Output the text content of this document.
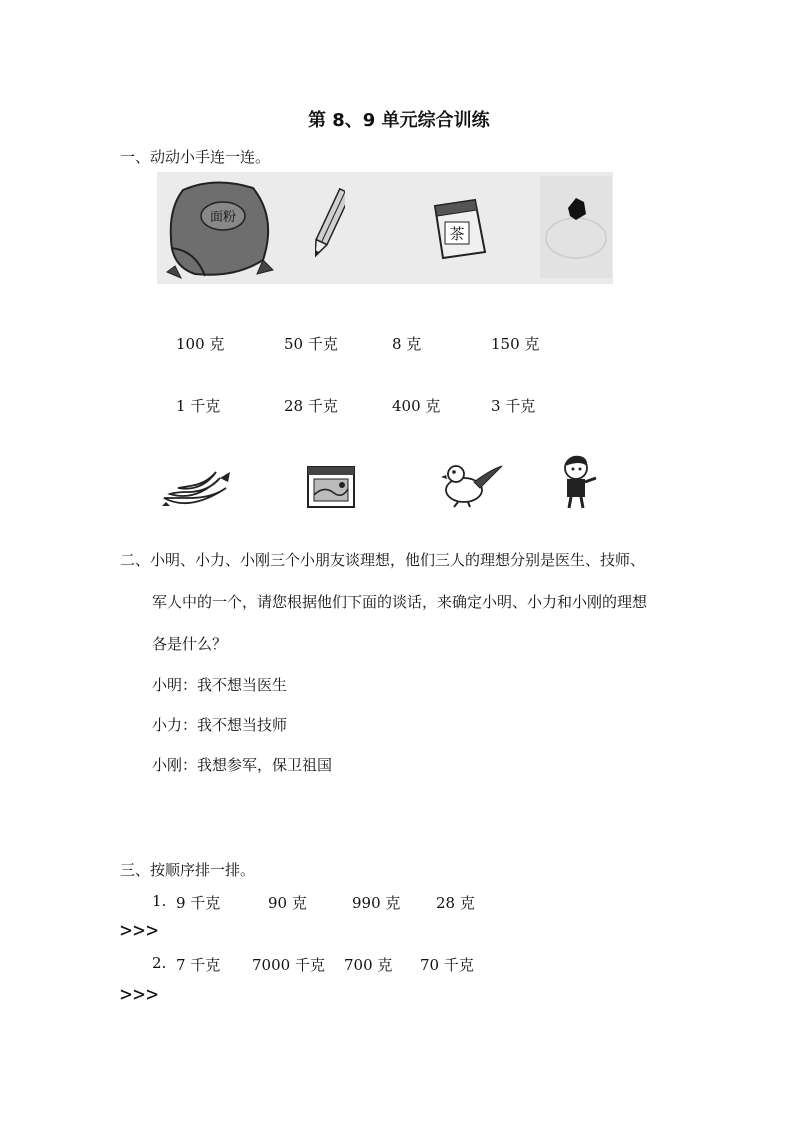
第 8、9 单元综合训练
一、动动小手连一连。
面粉
茶
100 克	50 千克	8 克	150 克
1 千克	28 千克	400 克	3 千克
二、小明、小力、小刚三个小朋友谈理想，他们三人的理想分别是医生、技师、
军人中的一个，请您根据他们下面的谈话，来确定小明、小力和小刚的理想
各是什么？
小明：我不想当医生
小力：我不想当技师
小刚：我想参军，保卫祖国
三、按顺序排一排。
1. 9 千克	90 克	990 克 28 克
>>>
2. 7 千克 7000 千克 700 克 70 千克
>>>
